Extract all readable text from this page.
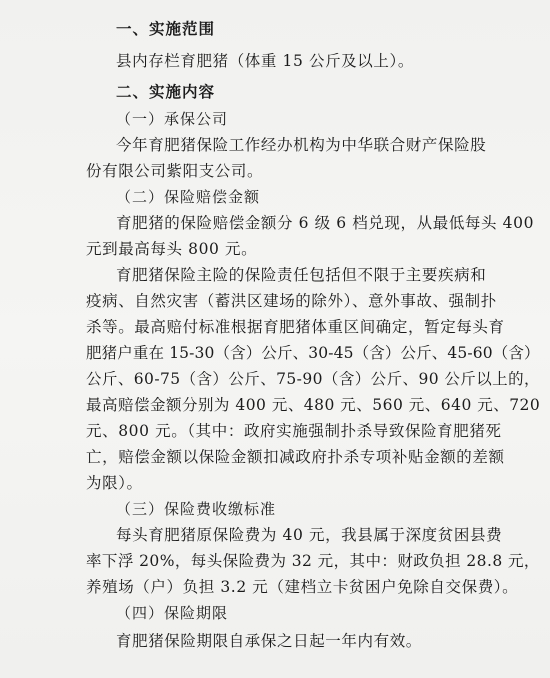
一、实施范围
县内存栏育肥猪（体重 15 公斤及以上）。
二、实施内容
（一）承保公司
今年育肥猪保险工作经办机构为中华联合财产保险股
份有限公司紫阳支公司。
（二）保险赔偿金额
育肥猪的保险赔偿金额分 6 级 6 档兑现，从最低每头 400
元到最高每头 800 元。
育肥猪保险主险的保险责任包括但不限于主要疾病和
疫病、自然灾害（蓄洪区建场的除外）、意外事故、强制扑
杀等。最高赔付标准根据育肥猪体重区间确定，暂定每头育
肥猪户重在 15-30（含）公斤、30-45（含）公斤、45-60（含）
公斤、60-75（含）公斤、75-90（含）公斤、90 公斤以上的，
最高赔偿金额分别为 400 元、480 元、560 元、640 元、720
元、800 元。（其中：政府实施强制扑杀导致保险育肥猪死
亡，赔偿金额以保险金额扣减政府扑杀专项补贴金额的差额
为限）。
（三）保险费收缴标准
每头育肥猪原保险费为 40 元，我县属于深度贫困县费
率下浮 20%，每头保险费为 32 元，其中：财政负担 28.8 元，
养殖场（户）负担 3.2 元（建档立卡贫困户免除自交保费）。
（四）保险期限
育肥猪保险期限自承保之日起一年内有效。
